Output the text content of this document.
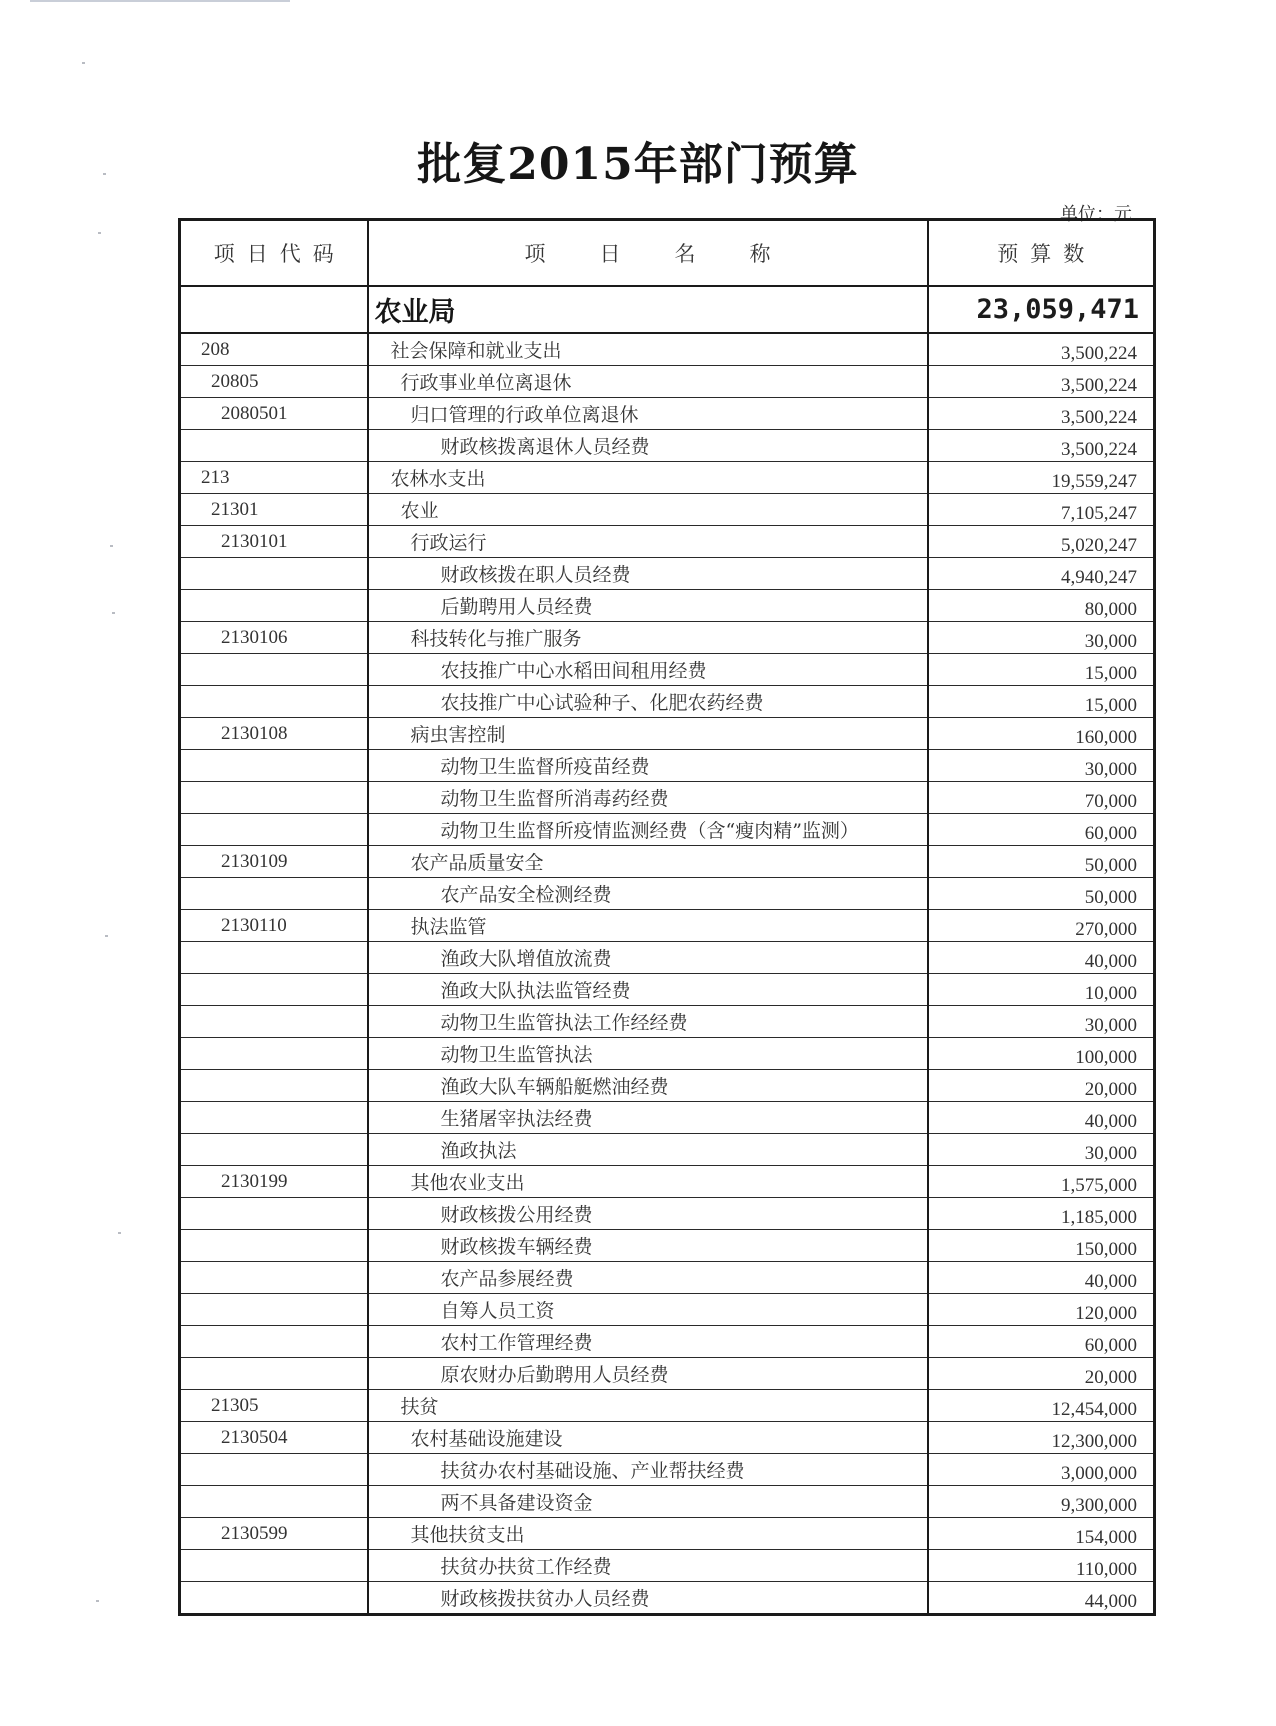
批复2015年部门预算
单位：元
项日代码	项日名称	预算数
	农业局	23,059,471
208	社会保障和就业支出	3,500,224
20805	行政事业单位离退休	3,500,224
2080501	归口管理的行政单位离退休	3,500,224
	财政核拨离退休人员经费	3,500,224
213	农林水支出	19,559,247
21301	农业	7,105,247
2130101	行政运行	5,020,247
	财政核拨在职人员经费	4,940,247
	后勤聘用人员经费	80,000
2130106	科技转化与推广服务	30,000
	农技推广中心水稻田间租用经费	15,000
	农技推广中心试验种子、化肥农药经费	15,000
2130108	病虫害控制	160,000
	动物卫生监督所疫苗经费	30,000
	动物卫生监督所消毒药经费	70,000
	动物卫生监督所疫情监测经费（含“瘦肉精”监测）	60,000
2130109	农产品质量安全	50,000
	农产品安全检测经费	50,000
2130110	执法监管	270,000
	渔政大队增值放流费	40,000
	渔政大队执法监管经费	10,000
	动物卫生监管执法工作经经费	30,000
	动物卫生监管执法	100,000
	渔政大队车辆船艇燃油经费	20,000
	生猪屠宰执法经费	40,000
	渔政执法	30,000
2130199	其他农业支出	1,575,000
	财政核拨公用经费	1,185,000
	财政核拨车辆经费	150,000
	农产品参展经费	40,000
	自筹人员工资	120,000
	农村工作管理经费	60,000
	原农财办后勤聘用人员经费	20,000
21305	扶贫	12,454,000
2130504	农村基础设施建设	12,300,000
	扶贫办农村基础设施、产业帮扶经费	3,000,000
	两不具备建设资金	9,300,000
2130599	其他扶贫支出	154,000
	扶贫办扶贫工作经费	110,000
	财政核拨扶贫办人员经费	44,000
